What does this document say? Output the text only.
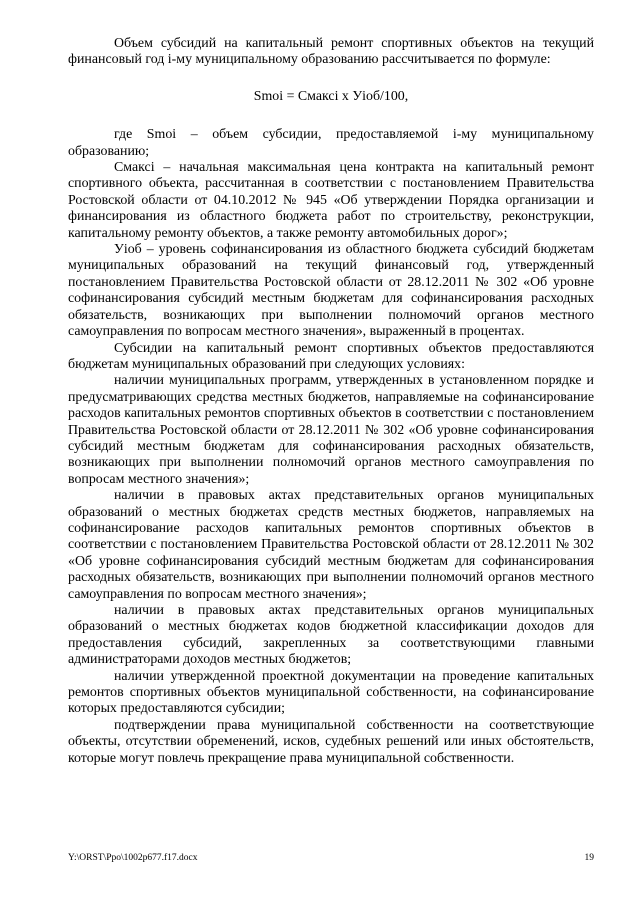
Объем субсидий на капитальный ремонт спортивных объектов на текущий финансовый год i-му муниципальному образованию рассчитывается по формуле:

Smoi = Смаксi х Уioб/100,

где Smoi – объем субсидии, предоставляемой i-му муниципальному образованию;

Смаксi – начальная максимальная цена контракта на капитальный ремонт спортивного объекта, рассчитанная в соответствии с постановлением Правительства Ростовской области от 04.10.2012 № 945 «Об утверждении Порядка организации и финансирования из областного бюджета работ по строительству, реконструкции, капитальному ремонту объектов, а также ремонту автомобильных дорог»;

Уioб – уровень софинансирования из областного бюджета субсидий бюджетам муниципальных образований на текущий финансовый год, утвержденный постановлением Правительства Ростовской области от 28.12.2011 № 302 «Об уровне софинансирования субсидий местным бюджетам для софинансирования расходных обязательств, возникающих при выполнении полномочий органов местного самоуправления по вопросам местного значения», выраженный в процентах.

Субсидии на капитальный ремонт спортивных объектов предоставляются бюджетам муниципальных образований при следующих условиях:

наличии муниципальных программ, утвержденных в установленном порядке и предусматривающих средства местных бюджетов, направляемые на софинансирование расходов капитальных ремонтов спортивных объектов в соответствии с постановлением Правительства Ростовской области от 28.12.2011 № 302 «Об уровне софинансирования субсидий местным бюджетам для софинансирования расходных обязательств, возникающих при выполнении полномочий органов местного самоуправления по вопросам местного значения»;

наличии в правовых актах представительных органов муниципальных образований о местных бюджетах средств местных бюджетов, направляемых на софинансирование расходов капитальных ремонтов спортивных объектов в соответствии с постановлением Правительства Ростовской области от 28.12.2011 № 302 «Об уровне софинансирования субсидий местным бюджетам для софинансирования расходных обязательств, возникающих при выполнении полномочий органов местного самоуправления по вопросам местного значения»;

наличии в правовых актах представительных органов муниципальных образований о местных бюджетах кодов бюджетной классификации доходов для предоставления субсидий, закрепленных за соответствующими главными администраторами доходов местных бюджетов;

наличии утвержденной проектной документации на проведение капитальных ремонтов спортивных объектов муниципальной собственности, на софинансирование которых предоставляются субсидии;

подтверждении права муниципальной собственности на соответствующие объекты, отсутствии обременений, исков, судебных решений или иных обстоятельств, которые могут повлечь прекращение права муниципальной собственности.

Y:\ORST\Ppo\1002p677.f17.docx	19
